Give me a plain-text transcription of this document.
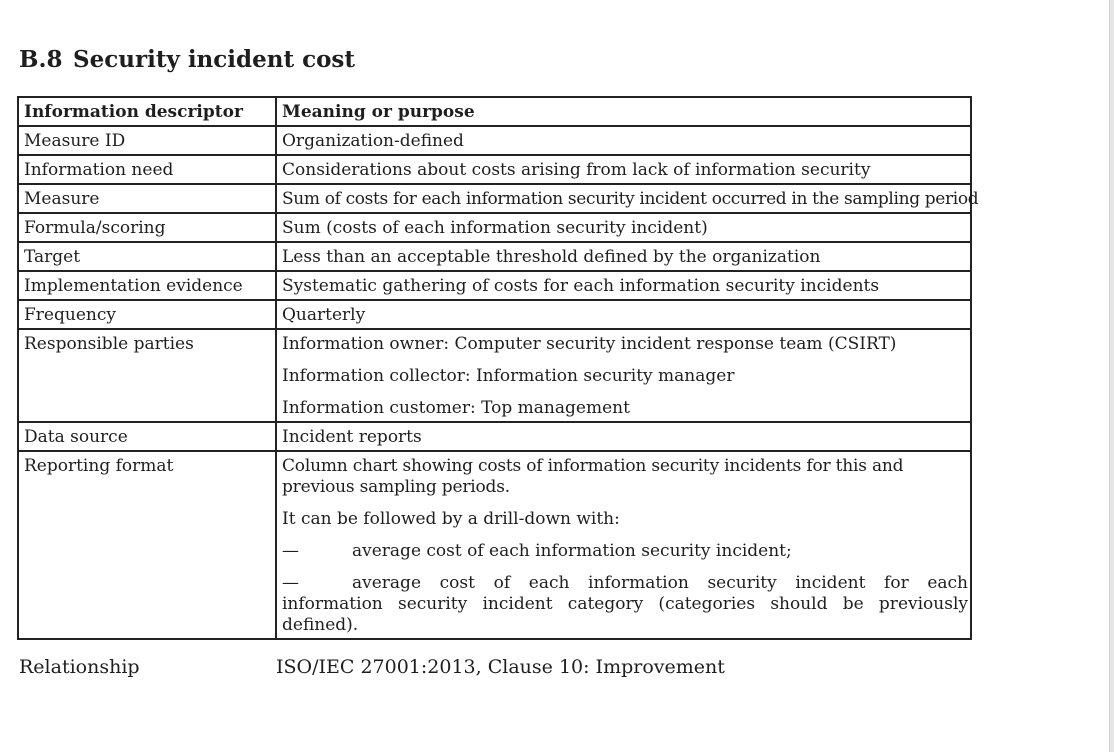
B.8 Security incident cost
Information descriptor	Meaning or purpose
Measure ID	Organization-defined
Information need	Considerations about costs arising from lack of information security
Measure	Sum of costs for each information security incident occurred in the sampling period
Formula/scoring	Sum (costs of each information security incident)
Target	Less than an acceptable threshold defined by the organization
Implementation evidence	Systematic gathering of costs for each information security incidents
Frequency	Quarterly
Responsible parties	Information owner: Computer security incident response team (CSIRT)

Information collector: Information security manager

Information customer: Top management

Data source	Incident reports
Reporting format	Column chart showing costs of information security incidents for this and previous sampling periods.

It can be followed by a drill-down with:

— average cost of each information security incident;

— average cost of each information security incident for each information security incident category (categories should be previously defined).

Relationship	ISO/IEC 27001:2013, Clause 10: Improvement
